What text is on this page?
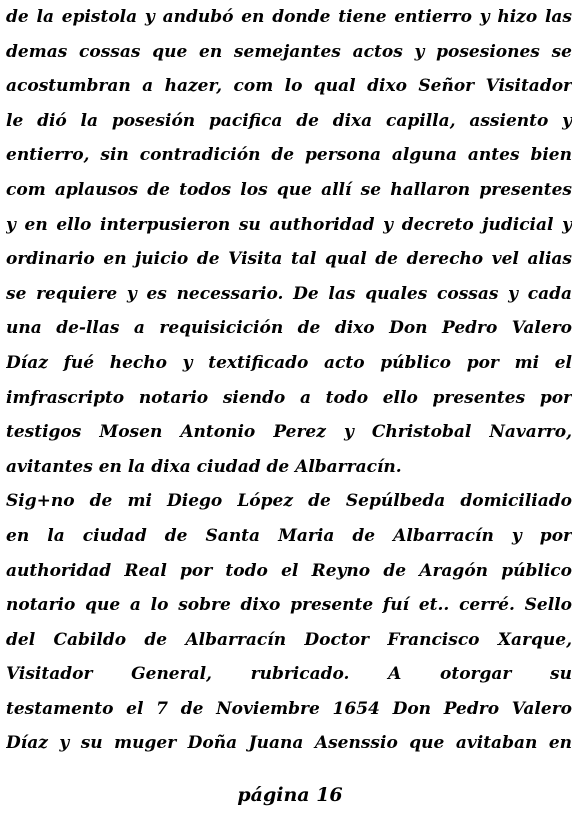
de la epistola y andubó en donde tiene entierro y hizo las
demas cossas que en semejantes actos y posesiones se
acostumbran a hazer, com lo qual dixo Señor Visitador
le dió la posesión pacifica de dixa capilla, assiento y
entierro, sin contradición de persona alguna antes bien
com aplausos de todos los que allí se hallaron presentes
y en ello interpusieron su authoridad y decreto judicial y
ordinario en juicio de Visita tal qual de derecho vel alias
se requiere y es necessario. De las quales cossas y cada
una de-llas a requisicición de dixo Don Pedro Valero
Díaz fué hecho y textificado acto público por mi el
imfrascripto notario siendo a todo ello presentes por
testigos Mosen Antonio Perez y Christobal Navarro,
avitantes en la dixa ciudad de Albarracín.
Sig+no de mi Diego López de Sepúlbeda domiciliado
en la ciudad de Santa Maria de Albarracín y por
authoridad Real por todo el Reyno de Aragón público
notario que a lo sobre dixo presente fuí et.. cerré. Sello
del Cabildo de Albarracín Doctor Francisco Xarque,
Visitador General, rubricado. A otorgar su
testamento el 7 de Noviembre 1654 Don Pedro Valero
Díaz y su muger Doña Juana Asenssio que avitaban en
página 16
